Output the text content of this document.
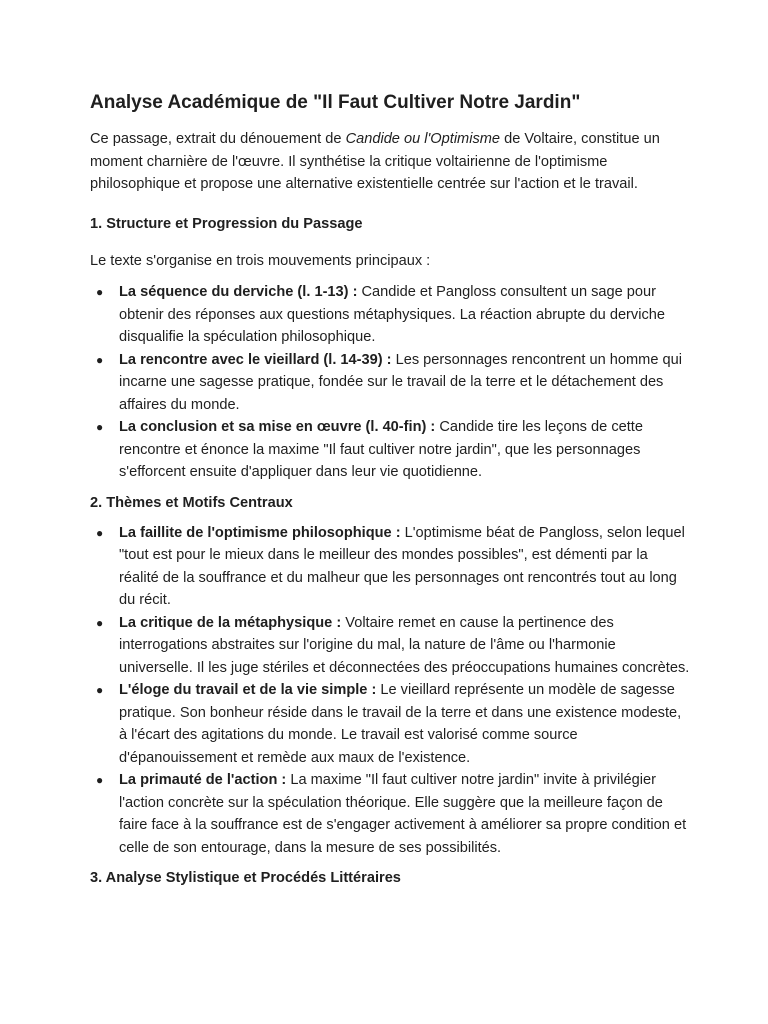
Analyse Académique de "Il Faut Cultiver Notre Jardin"

Ce passage, extrait du dénouement de Candide ou l'Optimisme de Voltaire, constitue un moment charnière de l'œuvre. Il synthétise la critique voltairienne de l'optimisme philosophique et propose une alternative existentielle centrée sur l'action et le travail.

1. Structure et Progression du Passage

Le texte s'organise en trois mouvements principaux :

● La séquence du derviche (l. 1-13) : Candide et Pangloss consultent un sage pour obtenir des réponses aux questions métaphysiques. La réaction abrupte du derviche disqualifie la spéculation philosophique.
● La rencontre avec le vieillard (l. 14-39) : Les personnages rencontrent un homme qui incarne une sagesse pratique, fondée sur le travail de la terre et le détachement des affaires du monde.
● La conclusion et sa mise en œuvre (l. 40-fin) : Candide tire les leçons de cette rencontre et énonce la maxime "Il faut cultiver notre jardin", que les personnages s'efforcent ensuite d'appliquer dans leur vie quotidienne.
2. Thèmes et Motifs Centraux
● La faillite de l'optimisme philosophique : L'optimisme béat de Pangloss, selon lequel "tout est pour le mieux dans le meilleur des mondes possibles", est démenti par la réalité de la souffrance et du malheur que les personnages ont rencontrés tout au long du récit.
● La critique de la métaphysique : Voltaire remet en cause la pertinence des interrogations abstraites sur l'origine du mal, la nature de l'âme ou l'harmonie universelle. Il les juge stériles et déconnectées des préoccupations humaines concrètes.
● L'éloge du travail et de la vie simple : Le vieillard représente un modèle de sagesse pratique. Son bonheur réside dans le travail de la terre et dans une existence modeste, à l'écart des agitations du monde. Le travail est valorisé comme source d'épanouissement et remède aux maux de l'existence.
● La primauté de l'action : La maxime "Il faut cultiver notre jardin" invite à privilégier l'action concrète sur la spéculation théorique. Elle suggère que la meilleure façon de faire face à la souffrance est de s'engager activement à améliorer sa propre condition et celle de son entourage, dans la mesure de ses possibilités.
3. Analyse Stylistique et Procédés Littéraires
